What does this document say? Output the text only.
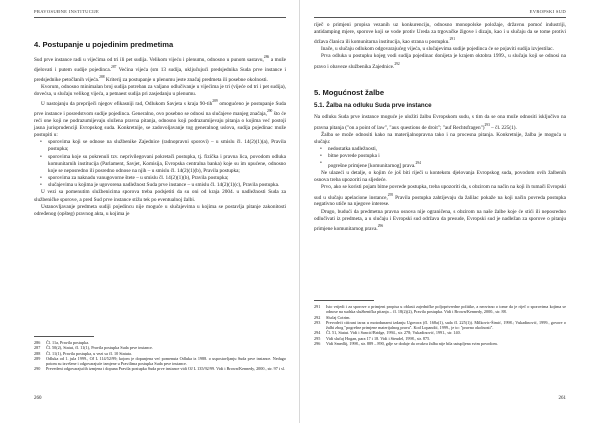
PRAVOSUĐNE INSTITUCIJE
4. Postupanje u pojedinim predmetima

Sud prve instance radi u vijećima od tri ili pet sudija. Velikom vijeću i plenumu, odnosno u punom sastavu,$^{286}$ a može djelovati i putem sudije pojedinca.$^{287}$ Većina vijeća (sm 13 sudija, uključujući predsjednika Suda prve instance i predsjednike petočlanih vijeća.$^{288}$ Kriterij za postupanje u plenumu jeste značaj predmeta ili posebne okolnosti.

Kvorum, odnosno minimalan broj sudija potreban za valjano odlučivanje u vijećima je tri (vijeće od tri i pet sudija), dovećsa, u slučaju velikog vijeća, a petnaest sudija pri zasjedanju u plenumu.

U nastojanju da prepriječi njegov efikasniji rad, Odlukom Savjeta s kraja 90-tih$^{289}$ omogućeno je postupanje Suda prve instance i posredstvom sudije pojedinca. Generalno, ovo posebno se odnosi na slučajeve manjeg značaja,$^{290}$ što će reći one koji ne podrazumijevaju složena pravna pitanja, odnosno koji podrazumijevaju pitanja o kojima već postoji jasna jurisprudenciji Evropskog suda. Konkretnije, se zadovoljavanje tog generalnog uslova, sudija pojedinac može postupiti u:

• sporovima koji se odnose na službenike Zajednice (radnopravni sporovi) – u smislu čl. 14(2)(1)(a), Pravila postupka;
• sporovima koje su pokrenuli tzv. neprivilegovani pokretači postupka, tj. fizička i pravna lica, povodom odluka komunitarnih institucija (Parlament, Savjet, Komisija, Evropska centralna banka) koje su im upućene, odnosno koje se neposredno ili posredno odnose na njih – u smislu čl. 14(2)(1)(b), Pravila postupka;
• sporovima za naknadu vanugovorne štete – u smislu čl. 14(2)(1)(b), Pravila postupka;
• slučajevima u kojima je ugovorena nadležnost Suda prve instance – u smislu čl. 14(2)(1)(c), Pravila postupka.

U vezi sa pomenutim službenicima sporova treba podsjetiti da su oni od kraja 2004. u nadležnosti Suda za službeničke sporove, a pred Sud prve instance stižu tek po eventualnoj žalbi.

Ustanovljavanje predmeta sudiji pojedincu nije moguće u slučajevima u kojima se postavlja pitanje zakonitosti određenog (opšteg) pravnog akta, u kojima je

286	Čl. 11a, Pravila postupka.
287	Čl. 50(2), Statut, čl. 11(1), Pravila postupka Suda prve instance.
288	Čl. 11(1), Pravila postupka, u vezi sa čl. 10 Statuta.
289	Odluka od 1. jula 1999., OJ L 114/52/99; kojom je dopunjena već pomenuta Odluka iz 1988. o uspostavljanju Suda prve instance. Nedugo potom su izvršene i odgovarajuće izmjene u Pravilima postupka Suda prve instance.
290	Prevedeni odgovarajućih izmjena i dopuna Pravila postupka Suda prve instance vidi OJ L 135/92/99. Vidi i Brown/Kennedy, 2000., str. 97 i sl.
260
EVROPSKI SUD

riječ o primjeni propisa vezanih uz konkurenciju, odnosno monopolske položaje, državnu pomoć industriji, antidamping mjere, sporove koji se vode protiv Ureda za trgovačke žigove i dizajn, kao i u slučaju da se tome protivi država članica ili komunitarna institucija, kao strana u postupku.$^{291}$

Inače, u slučaju odlukom odgovarajućeg vijeća, u slučajevima sudije pojedinca će se pojaviti sudija izvjestilac.

Prva odluka u postupku kojeg vodi sudija pojedinac donijeta je krajem oktobra 1999., u slučaju koji se odnosi na pravo i obaveze službenika Zajednice.$^{292}$

5. Mogućnost žalbe
5.1. Žalba na odluku Suda prve instance

Na odluku Suda prve instance moguće je uložiti žalbu Evropskom sudu, s tim da se ona može odnositi isključivo na pravna pitanja ("on a point of law", "aux questions de droit"; "auf Rechtsfragen")$^{293}$ – čl. 225(1).

Žalba se može odnositi kako na materijalnopravna tako i na procesna pitanja. Konkretnije, žalba je moguća u slučaju:

• nedostatka nadležnosti,
• bitne povrede postupka i
• pogrešne primjene [komunitarnog] prava.$^{294}$

Ne ulazeći u detalje, o kojim će još biti riječi u kontekstu djelovanja Evropskog suda, povodom ovih žalbenih osnova treba upozoriti na sljedeće.

Prvo, ako se koristi pojam bitne povrede postupka, treba upozoriti da, s obzirom na način na koji ih tumači Evropski sud u slučaju apelacione instance,$^{295}$ Pravila postupka zahtijevaju da žalilac pokaže na koji način povreda postupka negativno utiče na njegove interese.

Drugo, budući da predmetna pravna osnova nije ograničena, s obzirom na naše žalbe koje će stići ili neposredno odlučivati iz predmeta, a u slučaju i Evropski sud održava da presude, Evropski sud je nadležan za sporove o pitanju primjene komunitarnog prava.$^{296}$

291	Isto vrijedi i za sporove o primjeni propisa u oblasti zajedničke poljoprivredne politike, a neovisno o tome da je riječ o sporovima kojima se odnose na sudska službenička pitanja – čl. 18(2)(2), Pravila postupka. Vidi i Brown/Kennedy, 2000., str. 88.
292	Slučaj Cotrim.
293	Prevodeći citirani izraz u motodunarni izdanju Ugovora (čl. 168a(1), sada čl. 225(1)). Milkovic-Šimić, 1998.; Vukadinović, 1999., govore o žalbi zbog "pogrešne primjene materijalnog prava". Kod Lopandić, 1999., je to: "pravno okolnosti".
294	Čl. 51, Statut. Vidi i Sancić/Bridge, 1994., str. 278; Vukadinović, 1991., str. 140.
295	Vidi slučaj Hogan, para 17 i 18. Vidi i Steudel, 1998., str. 875.
296	Vidi Smedlij, 1998., str. 889 – 890, gdje se dodaje da ovakva žalba nije bila ustupljena svim povodom.
261
